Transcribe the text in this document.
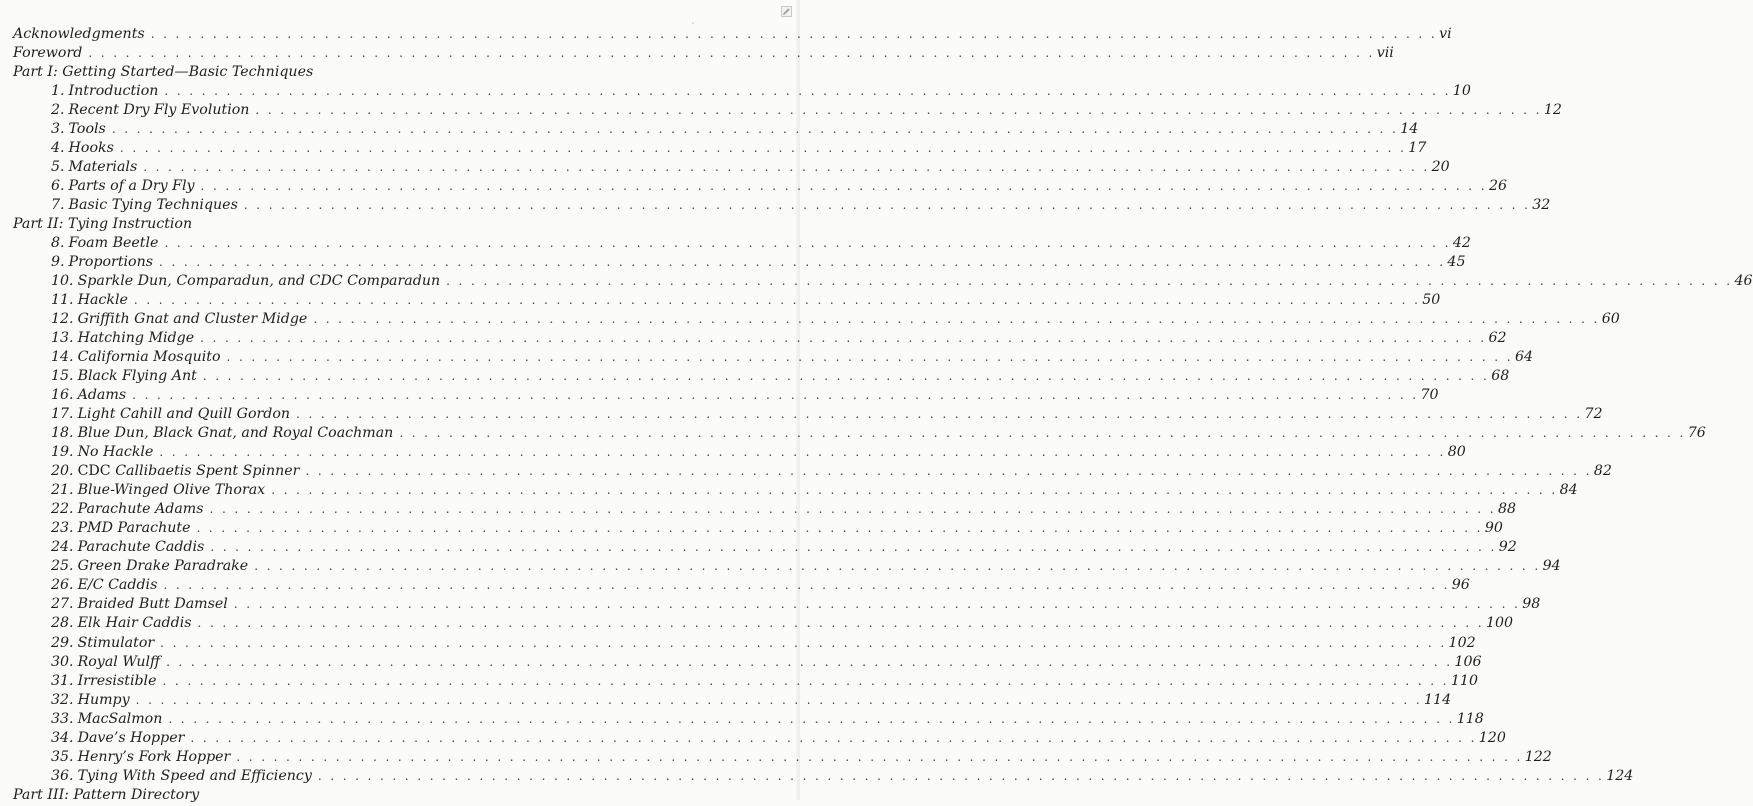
Acknowledgments . . . . . . . . . . . . . . . . . . . . . . . . . . . . . . . . . . . . . . . . . . . . . . . . . . . . . . . . . . . . . . . . . . . . . . . . . . . . . . . . . . . . . . . . . . . . . . . . . . . . . . . . vi
Foreword . . . . . . . . . . . . . . . . . . . . . . . . . . . . . . . . . . . . . . . . . . . . . . . . . . . . . . . . . . . . . . . . . . . . . . . . . . . . . . . . . . . . . . . . . . . . . . . . . . . . . . . . vii
Part I: Getting Started—Basic Techniques
1. Introduction . . . . . . . . . . . . . . . . . . . . . . . . . . . . . . . . . . . . . . . . . . . . . . . . . . . . . . . . . . . . . . . . . . . . . . . . . . . . . . . . . . . . . . . . . . . . . . . . . . . . . . . . 10
2. Recent Dry Fly Evolution . . . . . . . . . . . . . . . . . . . . . . . . . . . . . . . . . . . . . . . . . . . . . . . . . . . . . . . . . . . . . . . . . . . . . . . . . . . . . . . . . . . . . . . . . . . . . . . . . . . . . . . . 12
3. Tools . . . . . . . . . . . . . . . . . . . . . . . . . . . . . . . . . . . . . . . . . . . . . . . . . . . . . . . . . . . . . . . . . . . . . . . . . . . . . . . . . . . . . . . . . . . . . . . . . . . . . . . . 14
4. Hooks . . . . . . . . . . . . . . . . . . . . . . . . . . . . . . . . . . . . . . . . . . . . . . . . . . . . . . . . . . . . . . . . . . . . . . . . . . . . . . . . . . . . . . . . . . . . . . . . . . . . . . . . 17
5. Materials . . . . . . . . . . . . . . . . . . . . . . . . . . . . . . . . . . . . . . . . . . . . . . . . . . . . . . . . . . . . . . . . . . . . . . . . . . . . . . . . . . . . . . . . . . . . . . . . . . . . . . . . 20
6. Parts of a Dry Fly . . . . . . . . . . . . . . . . . . . . . . . . . . . . . . . . . . . . . . . . . . . . . . . . . . . . . . . . . . . . . . . . . . . . . . . . . . . . . . . . . . . . . . . . . . . . . . . . . . . . . . . . 26
7. Basic Tying Techniques . . . . . . . . . . . . . . . . . . . . . . . . . . . . . . . . . . . . . . . . . . . . . . . . . . . . . . . . . . . . . . . . . . . . . . . . . . . . . . . . . . . . . . . . . . . . . . . . . . . . . . . . 32
Part II: Tying Instruction
8. Foam Beetle . . . . . . . . . . . . . . . . . . . . . . . . . . . . . . . . . . . . . . . . . . . . . . . . . . . . . . . . . . . . . . . . . . . . . . . . . . . . . . . . . . . . . . . . . . . . . . . . . . . . . . . . 42
9. Proportions . . . . . . . . . . . . . . . . . . . . . . . . . . . . . . . . . . . . . . . . . . . . . . . . . . . . . . . . . . . . . . . . . . . . . . . . . . . . . . . . . . . . . . . . . . . . . . . . . . . . . . . . 45
10. Sparkle Dun, Comparadun, and CDC Comparadun . . . . . . . . . . . . . . . . . . . . . . . . . . . . . . . . . . . . . . . . . . . . . . . . . . . . . . . . . . . . . . . . . . . . . . . . . . . . . . . . . . . . . . . . . . . . . . . . . . . . . . . . 46
11. Hackle . . . . . . . . . . . . . . . . . . . . . . . . . . . . . . . . . . . . . . . . . . . . . . . . . . . . . . . . . . . . . . . . . . . . . . . . . . . . . . . . . . . . . . . . . . . . . . . . . . . . . . . . 50
12. Griffith Gnat and Cluster Midge . . . . . . . . . . . . . . . . . . . . . . . . . . . . . . . . . . . . . . . . . . . . . . . . . . . . . . . . . . . . . . . . . . . . . . . . . . . . . . . . . . . . . . . . . . . . . . . . . . . . . . . . 60
13. Hatching Midge . . . . . . . . . . . . . . . . . . . . . . . . . . . . . . . . . . . . . . . . . . . . . . . . . . . . . . . . . . . . . . . . . . . . . . . . . . . . . . . . . . . . . . . . . . . . . . . . . . . . . . . . 62
14. California Mosquito . . . . . . . . . . . . . . . . . . . . . . . . . . . . . . . . . . . . . . . . . . . . . . . . . . . . . . . . . . . . . . . . . . . . . . . . . . . . . . . . . . . . . . . . . . . . . . . . . . . . . . . . 64
15. Black Flying Ant . . . . . . . . . . . . . . . . . . . . . . . . . . . . . . . . . . . . . . . . . . . . . . . . . . . . . . . . . . . . . . . . . . . . . . . . . . . . . . . . . . . . . . . . . . . . . . . . . . . . . . . . 68
16. Adams . . . . . . . . . . . . . . . . . . . . . . . . . . . . . . . . . . . . . . . . . . . . . . . . . . . . . . . . . . . . . . . . . . . . . . . . . . . . . . . . . . . . . . . . . . . . . . . . . . . . . . . . 70
17. Light Cahill and Quill Gordon . . . . . . . . . . . . . . . . . . . . . . . . . . . . . . . . . . . . . . . . . . . . . . . . . . . . . . . . . . . . . . . . . . . . . . . . . . . . . . . . . . . . . . . . . . . . . . . . . . . . . . . . 72
18. Blue Dun, Black Gnat, and Royal Coachman . . . . . . . . . . . . . . . . . . . . . . . . . . . . . . . . . . . . . . . . . . . . . . . . . . . . . . . . . . . . . . . . . . . . . . . . . . . . . . . . . . . . . . . . . . . . . . . . . . . . . . . . 76
19. No Hackle . . . . . . . . . . . . . . . . . . . . . . . . . . . . . . . . . . . . . . . . . . . . . . . . . . . . . . . . . . . . . . . . . . . . . . . . . . . . . . . . . . . . . . . . . . . . . . . . . . . . . . . . 80
20. CDC Callibaetis Spent Spinner . . . . . . . . . . . . . . . . . . . . . . . . . . . . . . . . . . . . . . . . . . . . . . . . . . . . . . . . . . . . . . . . . . . . . . . . . . . . . . . . . . . . . . . . . . . . . . . . . . . . . . . . 82
21. Blue-Winged Olive Thorax . . . . . . . . . . . . . . . . . . . . . . . . . . . . . . . . . . . . . . . . . . . . . . . . . . . . . . . . . . . . . . . . . . . . . . . . . . . . . . . . . . . . . . . . . . . . . . . . . . . . . . . . 84
22. Parachute Adams . . . . . . . . . . . . . . . . . . . . . . . . . . . . . . . . . . . . . . . . . . . . . . . . . . . . . . . . . . . . . . . . . . . . . . . . . . . . . . . . . . . . . . . . . . . . . . . . . . . . . . . . 88
23. PMD Parachute . . . . . . . . . . . . . . . . . . . . . . . . . . . . . . . . . . . . . . . . . . . . . . . . . . . . . . . . . . . . . . . . . . . . . . . . . . . . . . . . . . . . . . . . . . . . . . . . . . . . . . . . 90
24. Parachute Caddis . . . . . . . . . . . . . . . . . . . . . . . . . . . . . . . . . . . . . . . . . . . . . . . . . . . . . . . . . . . . . . . . . . . . . . . . . . . . . . . . . . . . . . . . . . . . . . . . . . . . . . . . 92
25. Green Drake Paradrake . . . . . . . . . . . . . . . . . . . . . . . . . . . . . . . . . . . . . . . . . . . . . . . . . . . . . . . . . . . . . . . . . . . . . . . . . . . . . . . . . . . . . . . . . . . . . . . . . . . . . . . . 94
26. E/C Caddis . . . . . . . . . . . . . . . . . . . . . . . . . . . . . . . . . . . . . . . . . . . . . . . . . . . . . . . . . . . . . . . . . . . . . . . . . . . . . . . . . . . . . . . . . . . . . . . . . . . . . . . . 96
27. Braided Butt Damsel . . . . . . . . . . . . . . . . . . . . . . . . . . . . . . . . . . . . . . . . . . . . . . . . . . . . . . . . . . . . . . . . . . . . . . . . . . . . . . . . . . . . . . . . . . . . . . . . . . . . . . . . 98
28. Elk Hair Caddis . . . . . . . . . . . . . . . . . . . . . . . . . . . . . . . . . . . . . . . . . . . . . . . . . . . . . . . . . . . . . . . . . . . . . . . . . . . . . . . . . . . . . . . . . . . . . . . . . . . . . . . . 100
29. Stimulator . . . . . . . . . . . . . . . . . . . . . . . . . . . . . . . . . . . . . . . . . . . . . . . . . . . . . . . . . . . . . . . . . . . . . . . . . . . . . . . . . . . . . . . . . . . . . . . . . . . . . . . . 102
30. Royal Wulff . . . . . . . . . . . . . . . . . . . . . . . . . . . . . . . . . . . . . . . . . . . . . . . . . . . . . . . . . . . . . . . . . . . . . . . . . . . . . . . . . . . . . . . . . . . . . . . . . . . . . . . . 106
31. Irresistible . . . . . . . . . . . . . . . . . . . . . . . . . . . . . . . . . . . . . . . . . . . . . . . . . . . . . . . . . . . . . . . . . . . . . . . . . . . . . . . . . . . . . . . . . . . . . . . . . . . . . . . . 110
32. Humpy . . . . . . . . . . . . . . . . . . . . . . . . . . . . . . . . . . . . . . . . . . . . . . . . . . . . . . . . . . . . . . . . . . . . . . . . . . . . . . . . . . . . . . . . . . . . . . . . . . . . . . . . 114
33. MacSalmon . . . . . . . . . . . . . . . . . . . . . . . . . . . . . . . . . . . . . . . . . . . . . . . . . . . . . . . . . . . . . . . . . . . . . . . . . . . . . . . . . . . . . . . . . . . . . . . . . . . . . . . . 118
34. Dave’s Hopper . . . . . . . . . . . . . . . . . . . . . . . . . . . . . . . . . . . . . . . . . . . . . . . . . . . . . . . . . . . . . . . . . . . . . . . . . . . . . . . . . . . . . . . . . . . . . . . . . . . . . . . . 120
35. Henry’s Fork Hopper . . . . . . . . . . . . . . . . . . . . . . . . . . . . . . . . . . . . . . . . . . . . . . . . . . . . . . . . . . . . . . . . . . . . . . . . . . . . . . . . . . . . . . . . . . . . . . . . . . . . . . . . 122
36. Tying With Speed and Efficiency . . . . . . . . . . . . . . . . . . . . . . . . . . . . . . . . . . . . . . . . . . . . . . . . . . . . . . . . . . . . . . . . . . . . . . . . . . . . . . . . . . . . . . . . . . . . . . . . . . . . . . . . 124
Part III: Pattern Directory
